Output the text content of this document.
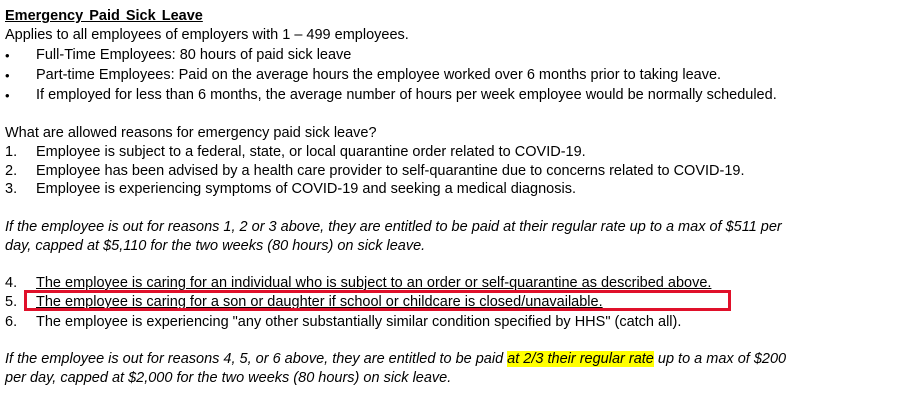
Emergency Paid Sick Leave
Applies to all employees of employers with 1 – 499 employees.
• Full-Time Employees: 80 hours of paid sick leave
• Part-time Employees: Paid on the average hours the employee worked over 6 months prior to taking leave.
• If employed for less than 6 months, the average number of hours per week employee would be normally scheduled.
What are allowed reasons for emergency paid sick leave?
1. Employee is subject to a federal, state, or local quarantine order related to COVID-19.
2. Employee has been advised by a health care provider to self-quarantine due to concerns related to COVID-19.
3. Employee is experiencing symptoms of COVID-19 and seeking a medical diagnosis.
If the employee is out for reasons 1, 2 or 3 above, they are entitled to be paid at their regular rate up to a max of $511 per
day, capped at $5,110 for the two weeks (80 hours) on sick leave.
4. The employee is caring for an individual who is subject to an order or self-quarantine as described above.
5. The employee is caring for a son or daughter if school or childcare is closed/unavailable.
6. The employee is experiencing "any other substantially similar condition specified by HHS" (catch all).
If the employee is out for reasons 4, 5, or 6 above, they are entitled to be paid at 2/3 their regular rate up to a max of $200
per day, capped at $2,000 for the two weeks (80 hours) on sick leave.
